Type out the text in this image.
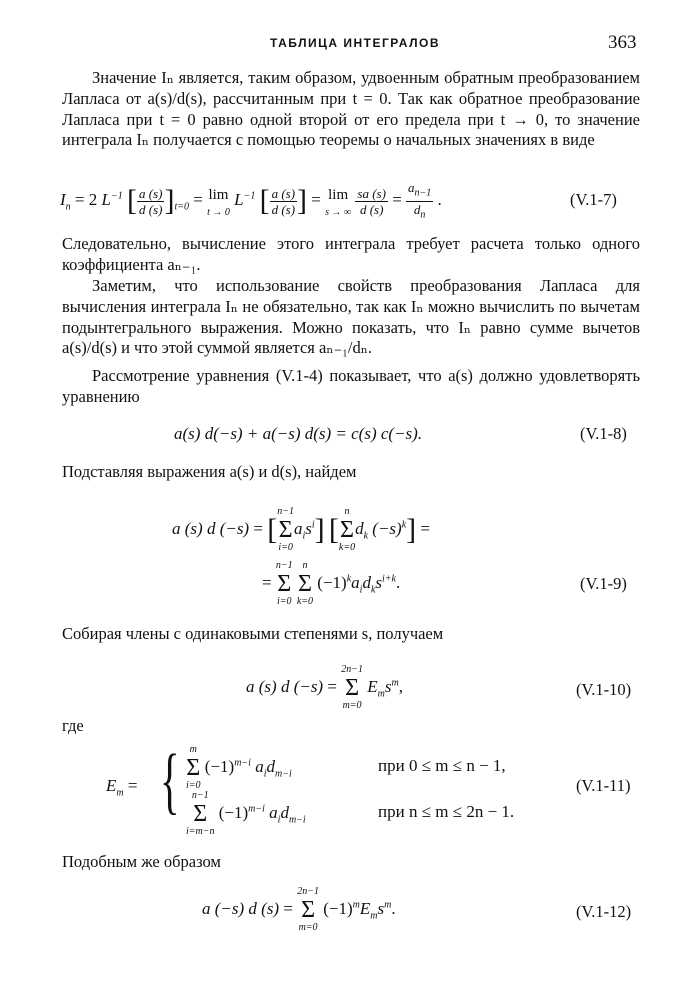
ТАБЛИЦА ИНТЕГРАЛОВ	363
Значение Iₙ является, таким образом, удвоенным обратным преобразованием Лапласа от a(s)/d(s), рассчитанным при t = 0. Так как обратное преобразование Лапласа при t = 0 равно одной второй от его предела при t → 0, то значение интеграла Iₙ получается с помощью теоремы о начальных значениях в виде
$I_n = 2$ $L^{-1}$ [ $\frac{a (s)}{d (s)} ]_{t=0} = \lim$
t → 0
$L^{-1}$ [ $\frac{a (s)}{d (s)}$ ] = lim
s → ∞
$\frac{sa (s)}{d (s)} = \frac{a_{n-1}}{d_n}$ .	(V.1-7)
Следовательно, вычисление этого интеграла требует расчета только одного коэффициента aₙ₋₁.
Заметим, что использование свойств преобразования Лапласа для вычисления интеграла Iₙ не обязательно, так как Iₙ можно вычислить по вычетам подынтегрального выражения. Можно показать, что Iₙ равно сумме вычетов a(s)/d(s) и что этой суммой является aₙ₋₁/dₙ.
Рассмотрение уравнения (V.1-4) показывает, что a(s) должно удовлетворять уравнению
a(s) d(−s) + a(−s) d(s) = c(s) c(−s).	(V.1-8)
Подставляя выражения a(s) и d(s), найдем
a (s) d (−s) = [
n−1
Σ
i=0
$a_is^i$] [
n
Σ
k=0
$d_k$ $(-s)^k$] =
=
n−1
Σ
i=0

n
Σ
k=0
$(-1)^ka_id_ks^{i+k}$.	(V.1-9)
Собирая члены с одинаковыми степенями s, получаем
a (s) d (−s) =
2n−1
Σ
m=0
$E_ms^m$,	(V.1-10)
где
$E_m$ = {	m
Σ
i=0
$(-1)^{m-i}$ $a_id_{m-i}$	при 0 ≤ m ≤ n − 1,
n−1
Σ
i=m−n
$(-1)^{m-i}$ $a_id_{m-i}$	при n ≤ m ≤ 2n − 1.
(V.1-11)
Подобным же образом
a (−s) d (s) =
2n−1
Σ
m=0
$(-1)^mE_ms^m$.	(V.1-12)
